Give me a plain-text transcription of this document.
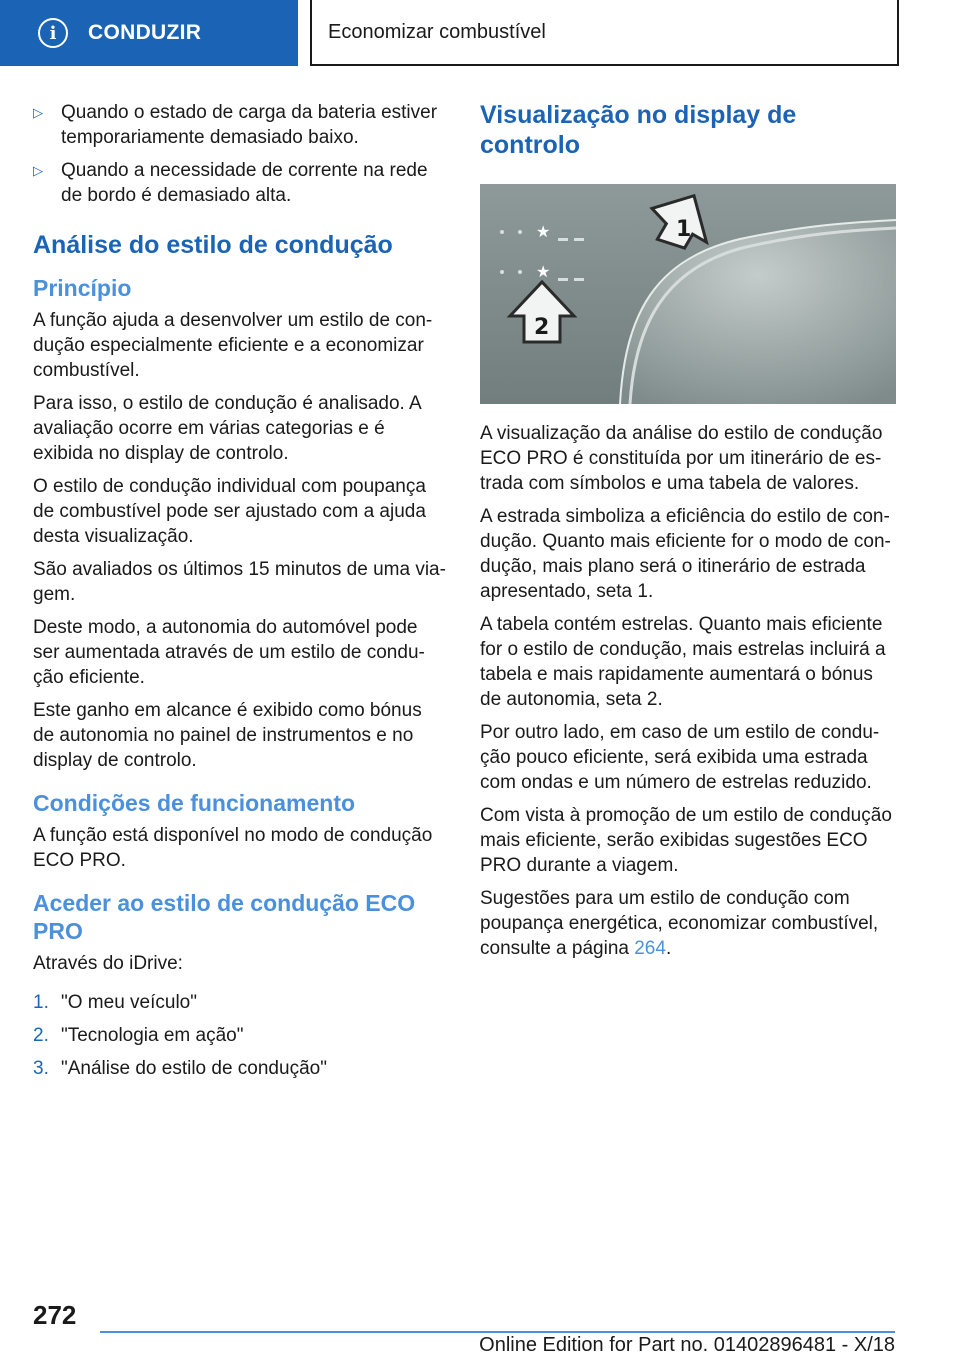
i	CONDUZIR	Economizar combustível
▷ Quando o estado de carga da bateria estiver temporariamente demasiado baixo.
▷ Quando a necessidade de corrente na rede de bordo é demasiado alta.
Análise do estilo de condução
Princípio

A função ajuda a desenvolver um estilo de con-dução especialmente eficiente e a economizar combustível.

Para isso, o estilo de condução é analisado. A avaliação ocorre em várias categorias e é exibida no display de controlo.

O estilo de condução individual com poupança de combustível pode ser ajustado com a ajuda desta visualização.

São avaliados os últimos 15 minutos de uma via-gem.

Deste modo, a autonomia do automóvel pode ser aumentada através de um estilo de condu-ção eficiente.

Este ganho em alcance é exibido como bónus de autonomia no painel de instrumentos e no display de controlo.

Condições de funcionamento

A função está disponível no modo de condução ECO PRO.

Aceder ao estilo de condução ECO PRO

Através do iDrive:

1. "O meu veículo"
2. "Tecnologia em ação"
3. "Análise do estilo de condução"
Visualização no display de controlo
★
★
1
2

A visualização da análise do estilo de condução ECO PRO é constituída por um itinerário de es-trada com símbolos e uma tabela de valores.

A estrada simboliza a eficiência do estilo de con-dução. Quanto mais eficiente for o modo de con-dução, mais plano será o itinerário de estrada apresentado, seta 1.

A tabela contém estrelas. Quanto mais eficiente for o estilo de condução, mais estrelas incluirá a tabela e mais rapidamente aumentará o bónus de autonomia, seta 2.

Por outro lado, em caso de um estilo de condu-ção pouco eficiente, será exibida uma estrada com ondas e um número de estrelas reduzido.

Com vista à promoção de um estilo de condução mais eficiente, serão exibidas sugestões ECO PRO durante a viagem.

Sugestões para um estilo de condução com poupança energética, economizar combustível, consulte a página 264.

272
Online Edition for Part no. 01402896481 - X/18
